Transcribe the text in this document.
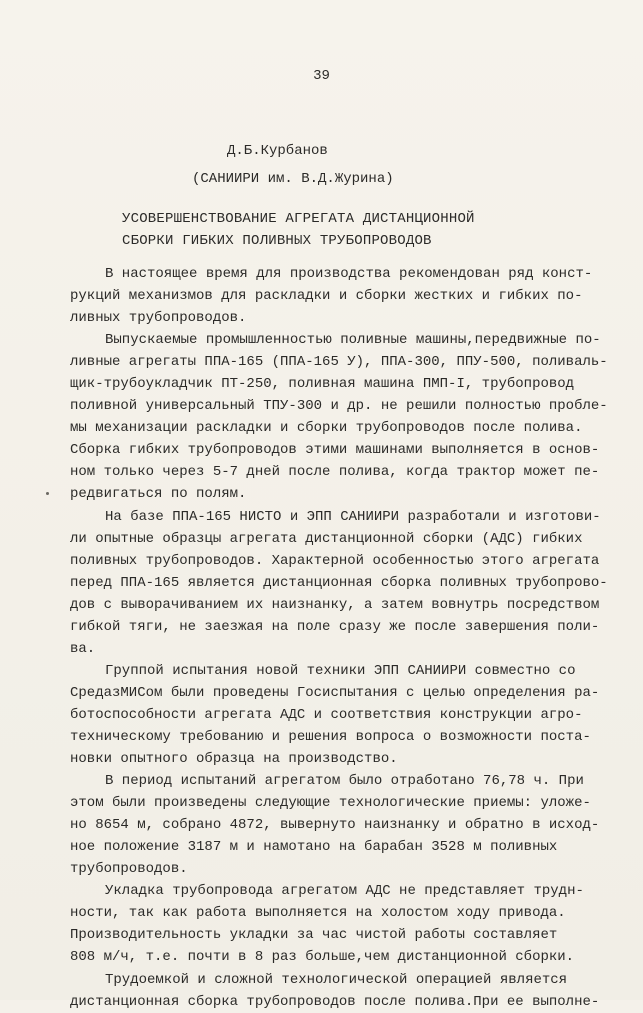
39
Д.Б.Курбанов
(САНИИРИ им. В.Д.Журина)
УСОВЕРШЕНСТВОВАНИЕ АГРЕГАТА ДИСТАНЦИОННОЙ
СБОРКИ ГИБКИХ ПОЛИВНЫХ ТРУБОПРОВОДОВ
В настоящее время для производства рекомендован ряд конст-
рукций механизмов для раскладки и сборки жестких и гибких по-
ливных трубопроводов.
Выпускаемые промышленностью поливные машины,передвижные по-
ливные агрегаты ППА-165 (ППА-165 У), ППА-300, ППУ-500, поливаль-
щик-трубоукладчик ПТ-250, поливная машина ПМП-I, трубопровод
поливной универсальный ТПУ-300 и др. не решили полностью пробле-
мы механизации раскладки и сборки трубопроводов после полива.
Сборка гибких трубопроводов этими машинами выполняется в основ-
ном только через 5-7 дней после полива, когда трактор может пе-
редвигаться по полям.
На базе ППА-165 НИСТО и ЭПП САНИИРИ разработали и изготови-
ли опытные образцы агрегата дистанционной сборки (АДС) гибких
поливных трубопроводов. Характерной особенностью этого агрегата
перед ППА-165 является дистанционная сборка поливных трубопрово-
дов с выворачиванием их наизнанку, а затем вовнутрь посредством
гибкой тяги, не заезжая на поле сразу же после завершения поли-
ва.
Группой испытания новой техники ЭПП САНИИРИ совместно со
СредазМИСом были проведены Госиспытания с целью определения ра-
ботоспособности агрегата АДС и соответствия конструкции агро-
техническому требованию и решения вопроса о возможности поста-
новки опытного образца на производство.
В период испытаний агрегатом было отработано 76,78 ч. При
этом были произведены следующие технологические приемы: уложе-
но 8654 м, собрано 4872, вывернуто наизнанку и обратно в исход-
ное положение 3187 м и намотано на барабан 3528 м поливных
трубопроводов.
Укладка трубопровода агрегатом АДС не представляет трудн-
ности, так как работа выполняется на холостом ходу привода.
Производительность укладки за час чистой работы составляет
808 м/ч, т.е. почти в 8 раз больше,чем дистанционной сборки.
Трудоемкой и сложной технологической операцией является
дистанционная сборка трубопроводов после полива.При ее выполне-
